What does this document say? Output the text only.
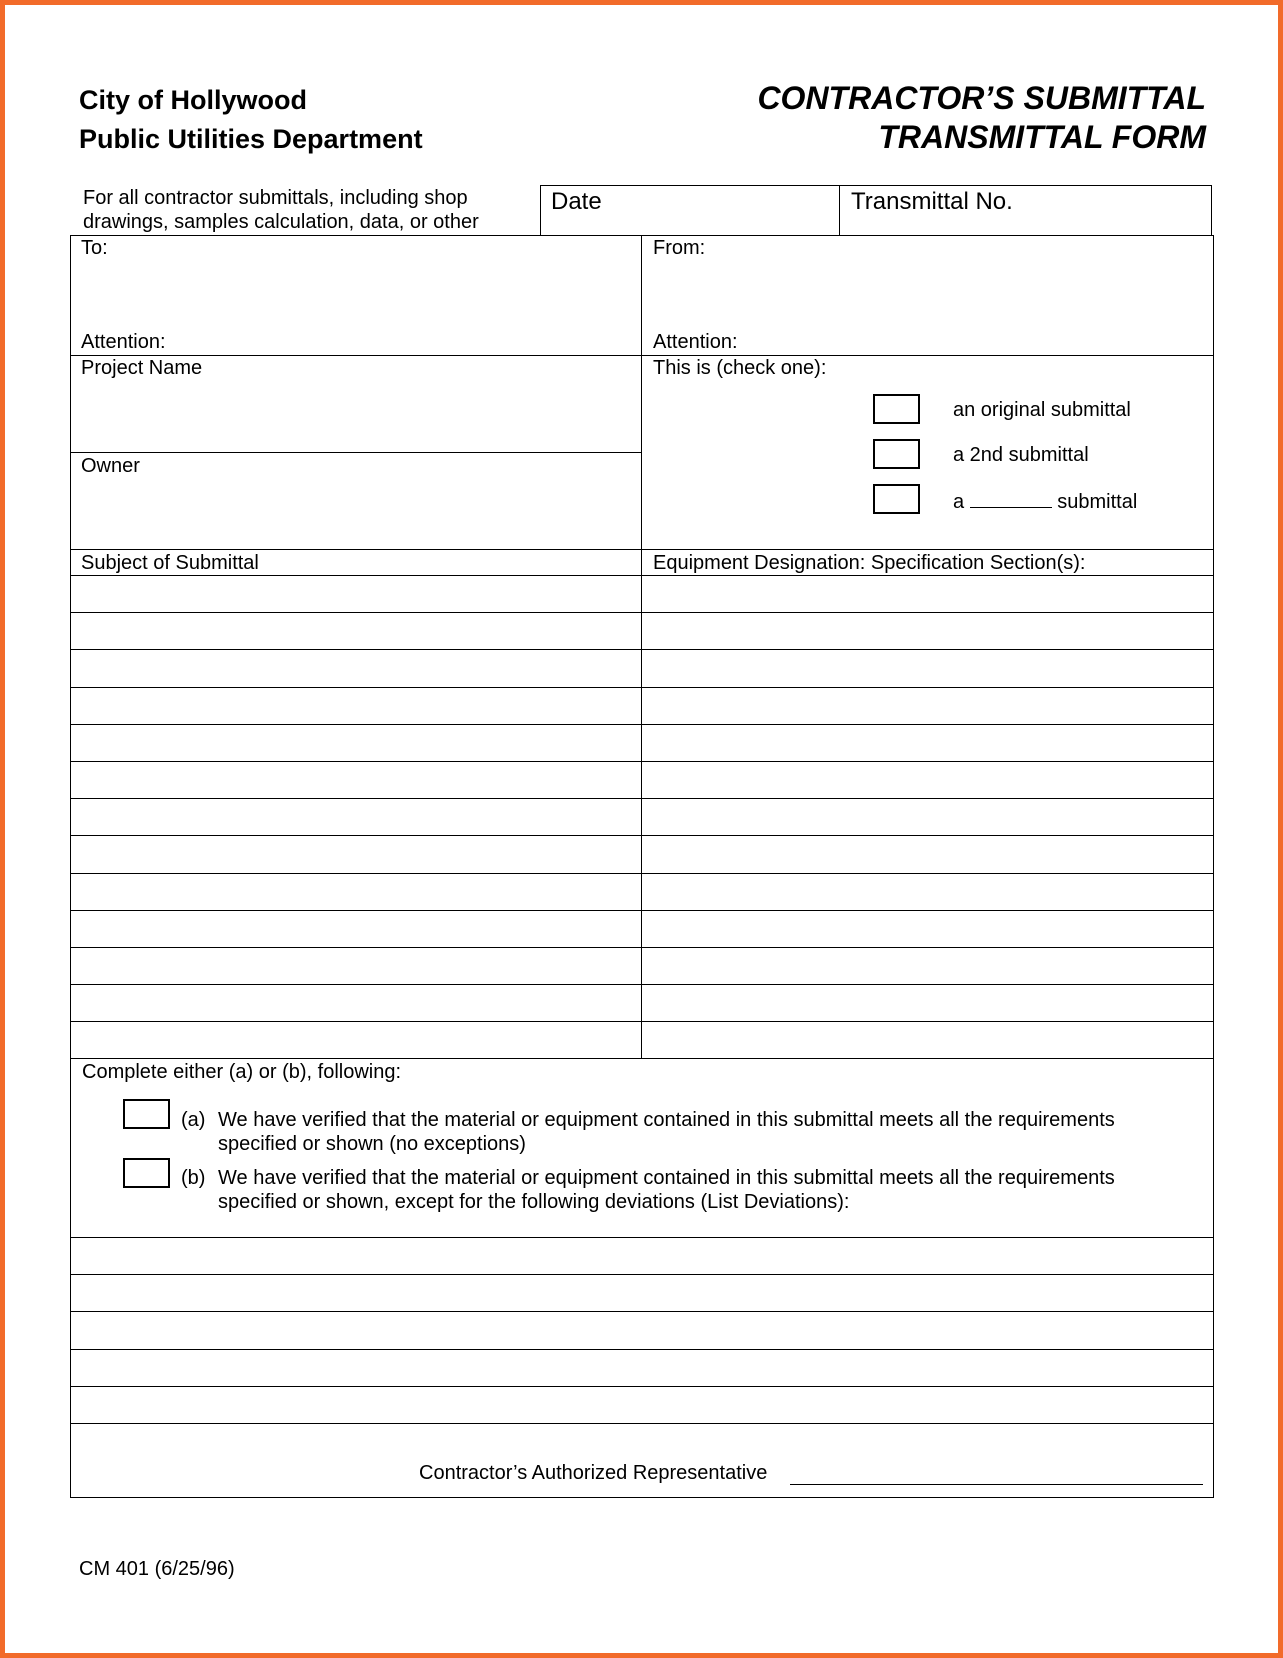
City of Hollywood
Public Utilities Department
CONTRACTOR’S SUBMITTAL
TRANSMITTAL FORM
For all contractor submittals, including shop
drawings, samples calculation, data, or other
Date	Transmittal No.
To:	From:
Attention:	Attention:
Project Name
Owner
This is (check one):
an original submittal
a 2nd submittal
a	submittal
Subject of Submittal	Equipment Designation: Specification Section(s):
Complete either (a) or (b), following:
(a) We have verified that the material or equipment contained in this submittal meets all the requirements
specified or shown (no exceptions)
(b) We have verified that the material or equipment contained in this submittal meets all the requirements
specified or shown, except for the following deviations (List Deviations):
Contractor’s Authorized Representative
CM 401 (6/25/96)
